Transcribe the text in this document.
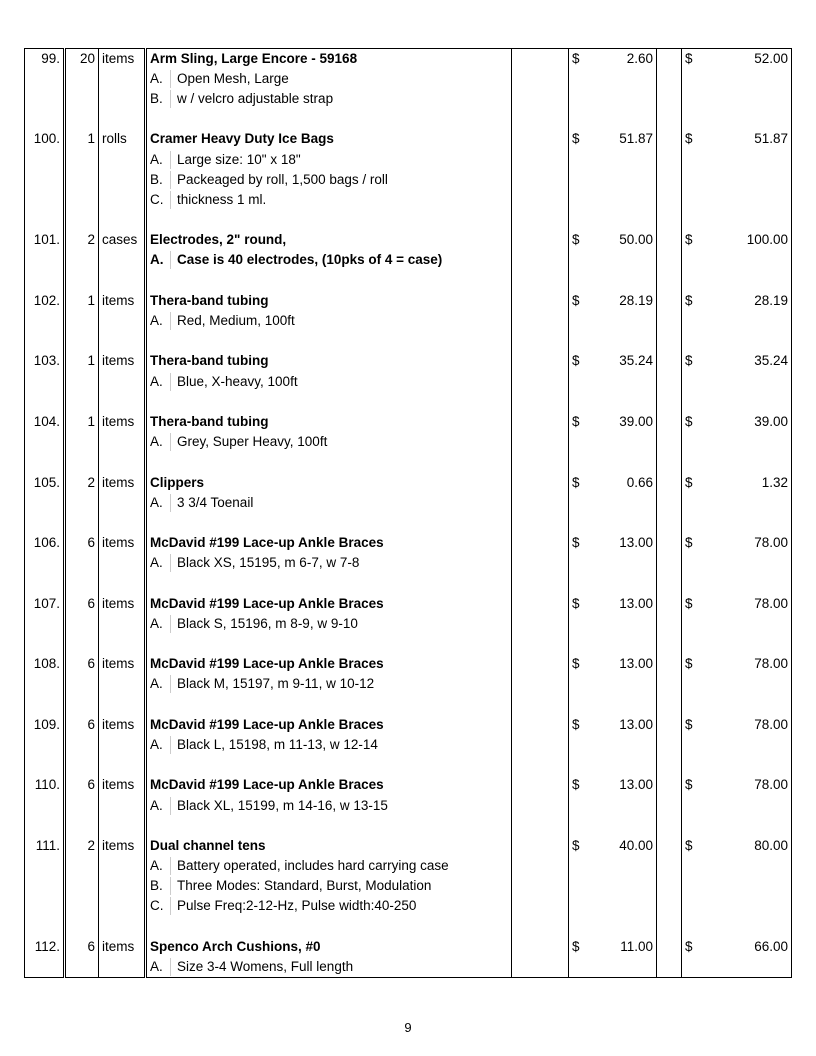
99.	20	items	Arm Sling, Large Encore - 59168		$	2.60		$	52.00
			A. Open Mesh, Large						
			B. w / velcro adjustable strap						

100.	1	rolls	Cramer Heavy Duty Ice Bags		$	51.87		$	51.87
			A. Large size: 10" x 18"						
			B. Packeaged by roll, 1,500 bags / roll						
			C. thickness 1 ml.						

101.	2	cases	Electrodes, 2" round,		$	50.00		$	100.00
			A. Case is 40 electrodes, (10pks of 4 = case)						

102.	1	items	Thera-band tubing		$	28.19		$	28.19
			A. Red, Medium, 100ft						

103.	1	items	Thera-band tubing		$	35.24		$	35.24
			A. Blue, X-heavy, 100ft						

104.	1	items	Thera-band tubing		$	39.00		$	39.00
			A. Grey, Super Heavy, 100ft						

105.	2	items	Clippers		$	0.66		$	1.32
			A. 3 3/4 Toenail						

106.	6	items	McDavid #199 Lace-up Ankle Braces		$	13.00		$	78.00
			A. Black XS, 15195, m 6-7, w 7-8						

107.	6	items	McDavid #199 Lace-up Ankle Braces		$	13.00		$	78.00
			A. Black S, 15196, m 8-9, w 9-10						

108.	6	items	McDavid #199 Lace-up Ankle Braces		$	13.00		$	78.00
			A. Black M, 15197, m 9-11, w 10-12						

109.	6	items	McDavid #199 Lace-up Ankle Braces		$	13.00		$	78.00
			A. Black L, 15198, m 11-13, w 12-14						

110.	6	items	McDavid #199 Lace-up Ankle Braces		$	13.00		$	78.00
			A. Black XL, 15199, m 14-16, w 13-15						

111.	2	items	Dual channel tens		$	40.00		$	80.00
			A. Battery operated, includes hard carrying case						
			B. Three Modes: Standard, Burst, Modulation						
			C. Pulse Freq:2-12-Hz, Pulse width:40-250						

112.	6	items	Spenco Arch Cushions, #0		$	11.00		$	66.00
			A. Size 3-4 Womens, Full length						
9
